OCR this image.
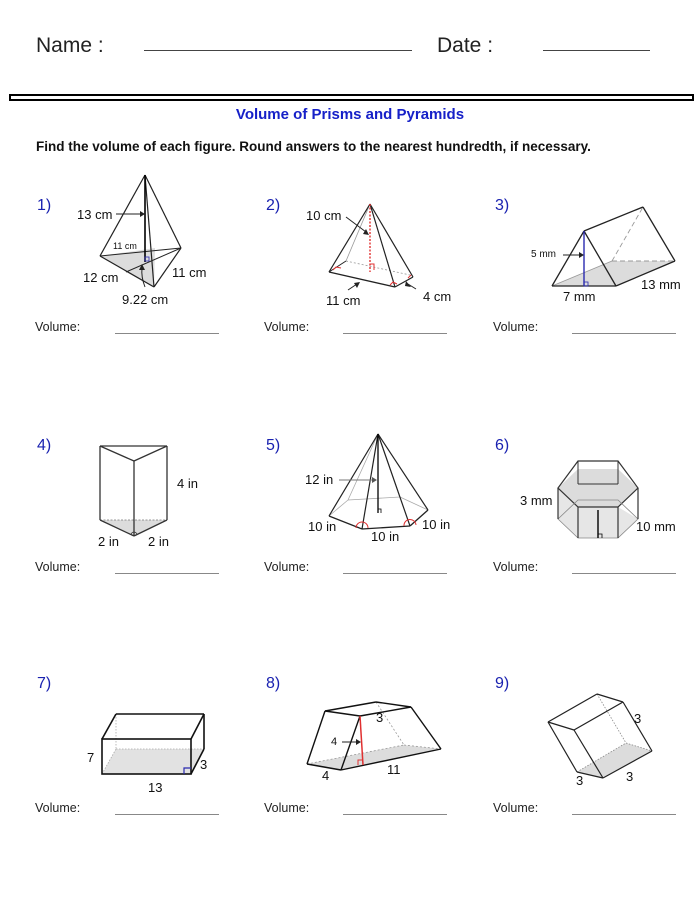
Name :	Date :
Volume of Prisms and Pyramids
Find the volume of each figure. Round answers to the nearest hundredth, if necessary.
1)
13 cm
11 cm
12 cm	11 cm
9.22 cm
Volume:
2)
10 cm
11 cm	4 cm
Volume:
3)
5 mm
7 mm
13 mm
Volume:
4)
4 in
2 in 2 in
Volume:
5)
12 in
10 in
10 in
10 in
Volume:
6)
3 mm
10 mm
Volume:
7)
7
13
3
Volume:
8)
3
4
4	11
Volume:
9)
3
3	3
Volume:
